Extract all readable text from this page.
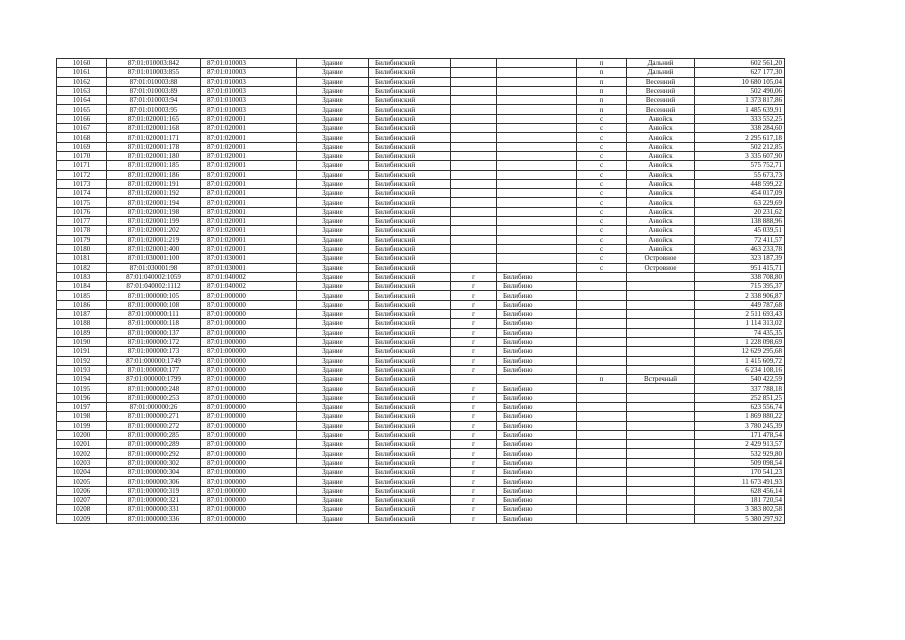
10160	87:01:010003:842	87:01:010003	Здание	Билибинский			п	Дальний	602 561,20
10161	87:01:010003:855	87:01:010003	Здание	Билибинский			п	Дальний	627 177,30
10162	87:01:010003:88	87:01:010003	Здание	Билибинский			п	Весенний	10 680 105,04
10163	87:01:010003:89	87:01:010003	Здание	Билибинский			п	Весенний	502 490,06
10164	87:01:010003:94	87:01:010003	Здание	Билибинский			п	Весенний	1 373 817,86
10165	87:01:010003:95	87:01:010003	Здание	Билибинский			п	Весенний	1 485 639,91
10166	87:01:020001:165	87:01:020001	Здание	Билибинский			с	Анюйск	333 552,25
10167	87:01:020001:168	87:01:020001	Здание	Билибинский			с	Анюйск	338 284,60
10168	87:01:020001:171	87:01:020001	Здание	Билибинский			с	Анюйск	2 295 617,18
10169	87:01:020001:178	87:01:020001	Здание	Билибинский			с	Анюйск	502 212,85
10170	87:01:020001:180	87:01:020001	Здание	Билибинский			с	Анюйск	3 335 607,90
10171	87:01:020001:185	87:01:020001	Здание	Билибинский			с	Анюйск	575 752,71
10172	87:01:020001:186	87:01:020001	Здание	Билибинский			с	Анюйск	55 673,73
10173	87:01:020001:191	87:01:020001	Здание	Билибинский			с	Анюйск	448 599,22
10174	87:01:020001:192	87:01:020001	Здание	Билибинский			с	Анюйск	454 017,09
10175	87:01:020001:194	87:01:020001	Здание	Билибинский			с	Анюйск	63 229,69
10176	87:01:020001:198	87:01:020001	Здание	Билибинский			с	Анюйск	20 231,62
10177	87:01:020001:199	87:01:020001	Здание	Билибинский			с	Анюйск	138 888,96
10178	87:01:020001:202	87:01:020001	Здание	Билибинский			с	Анюйск	45 039,51
10179	87:01:020001:219	87:01:020001	Здание	Билибинский			с	Анюйск	72 411,57
10180	87:01:020001:400	87:01:020001	Здание	Билибинский			с	Анюйск	463 233,78
10181	87:01:030001:100	87:01:030001	Здание	Билибинский			с	Островное	323 187,39
10182	87:01:030001:98	87:01:030001	Здание	Билибинский			с	Островное	951 415,71
10183	87:01:040002:1059	87:01:040002	Здание	Билибинский	г	Билибино			338 708,80
10184	87:01:040002:1112	87:01:040002	Здание	Билибинский	г	Билибино			715 395,37
10185	87:01:000000:105	87:01:000000	Здание	Билибинский	г	Билибино			2 338 906,87
10186	87:01:000000:108	87:01:000000	Здание	Билибинский	г	Билибино			449 787,68
10187	87:01:000000:111	87:01:000000	Здание	Билибинский	г	Билибино			2 511 693,43
10188	87:01:000000:118	87:01:000000	Здание	Билибинский	г	Билибино			1 114 313,02
10189	87:01:000000:137	87:01:000000	Здание	Билибинский	г	Билибино			74 435,35
10190	87:01:000000:172	87:01:000000	Здание	Билибинский	г	Билибино			1 228 098,69
10191	87:01:000000:173	87:01:000000	Здание	Билибинский	г	Билибино			12 629 295,68
10192	87:01:000000:1749	87:01:000000	Здание	Билибинский	г	Билибино			1 415 609,72
10193	87:01:000000:177	87:01:000000	Здание	Билибинский	г	Билибино			6 234 108,16
10194	87:01:000000:1799	87:01:000000	Здание	Билибинский			п	Встречный	540 422,59
10195	87:01:000000:248	87:01:000000	Здание	Билибинский	г	Билибино			337 788,18
10196	87:01:000000:253	87:01:000000	Здание	Билибинский	г	Билибино			252 851,25
10197	87:01:000000:26	87:01:000000	Здание	Билибинский	г	Билибино			623 556,74
10198	87:01:000000:271	87:01:000000	Здание	Билибинский	г	Билибино			1 869 880,22
10199	87:01:000000:272	87:01:000000	Здание	Билибинский	г	Билибино			3 780 245,39
10200	87:01:000000:285	87:01:000000	Здание	Билибинский	г	Билибино			171 478,54
10201	87:01:000000:289	87:01:000000	Здание	Билибинский	г	Билибино			2 429 913,57
10202	87:01:000000:292	87:01:000000	Здание	Билибинский	г	Билибино			532 929,80
10203	87:01:000000:302	87:01:000000	Здание	Билибинский	г	Билибино			509 098,54
10204	87:01:000000:304	87:01:000000	Здание	Билибинский	г	Билибино			170 541,23
10205	87:01:000000:306	87:01:000000	Здание	Билибинский	г	Билибино			11 673 491,93
10206	87:01:000000:319	87:01:000000	Здание	Билибинский	г	Билибино			628 456,14
10207	87:01:000000:321	87:01:000000	Здание	Билибинский	г	Билибино			181 720,54
10208	87:01:000000:331	87:01:000000	Здание	Билибинский	г	Билибино			3 383 802,58
10209	87:01:000000:336	87:01:000000	Здание	Билибинский	г	Билибино			5 380 297,92
